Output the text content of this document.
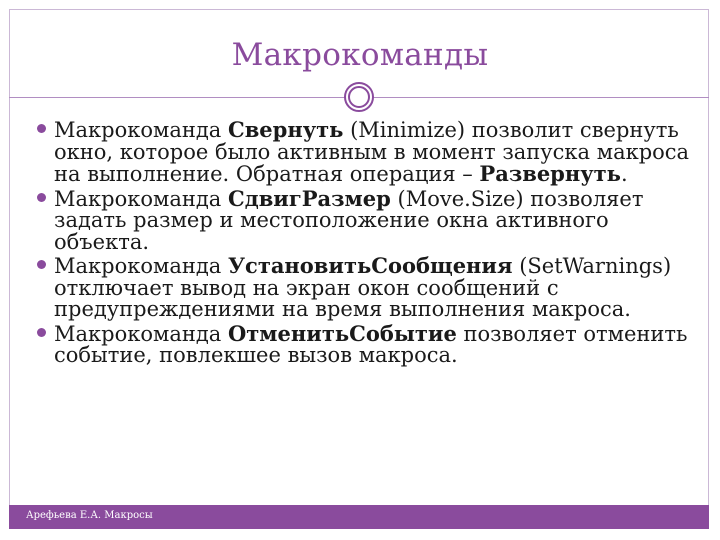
Макрокоманды
Макрокоманда Свернуть (Minimize) позволит свернуть окно, которое было активным в момент запуска макроса на выполнение. Обратная операция – Развернуть.
Макрокоманда СдвигРазмер (Move.Size) позволяет задать размер и местоположение окна активного объекта.
Макрокоманда УстановитьСообщения (SetWarnings) отключает вывод на экран окон сообщений с предупреждениями на время выполнения макроса.
Макрокоманда ОтменитьСобытие позволяет отменить событие, повлекшее вызов макроса.
Арефьева Е.А. Макросы
